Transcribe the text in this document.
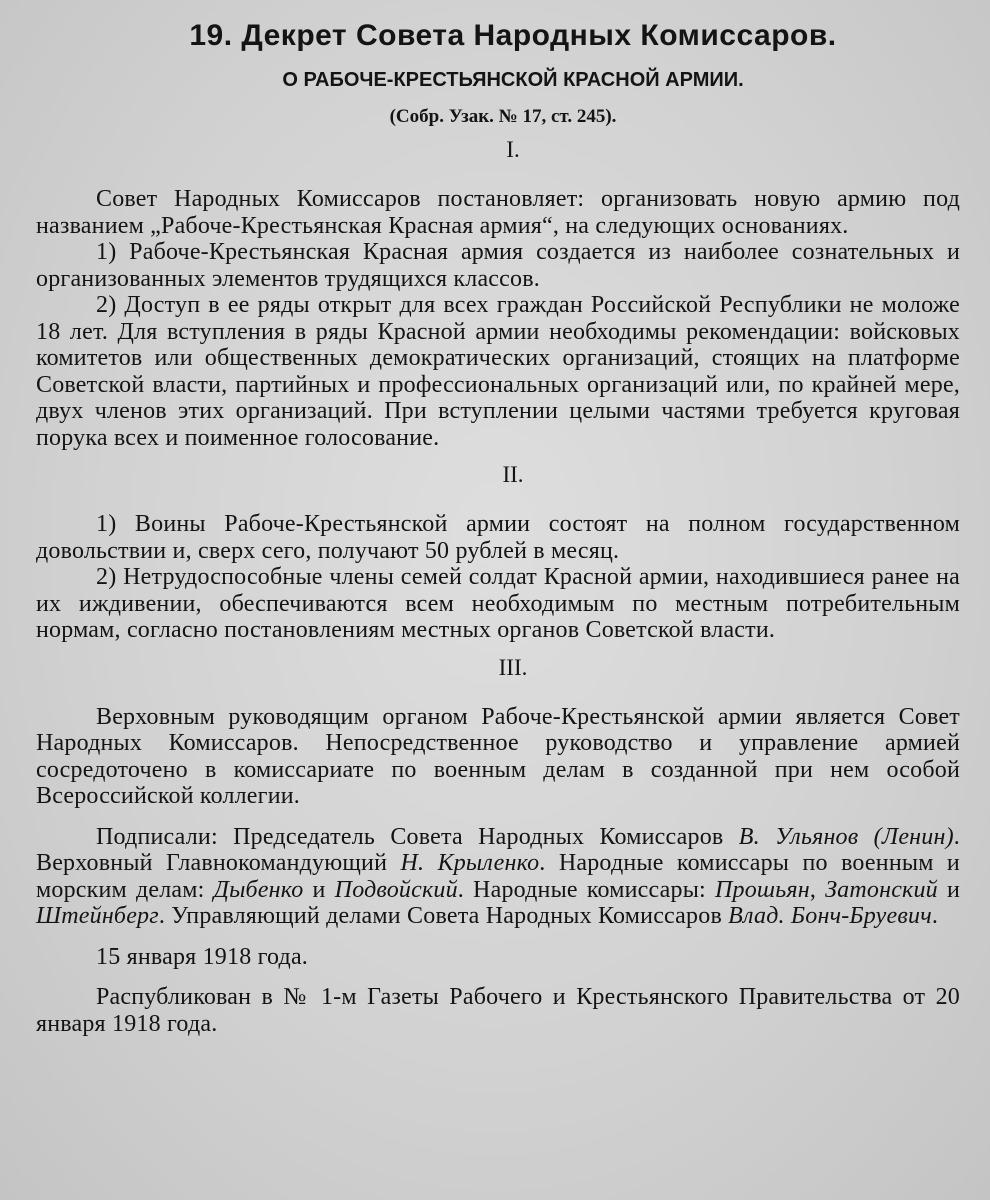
19. Декрет Совета Народных Комиссаров.
О РАБОЧЕ-КРЕСТЬЯНСКОЙ КРАСНОЙ АРМИИ.
(Собр. Узак. № 17, ст. 245).
I.

Совет Народных Комиссаров постановляет: организовать новую армию под названием „Рабоче-Крестьянская Красная армия“, на следующих основаниях.

1) Рабоче-Крестьянская Красная армия создается из наиболее сознательных и организованных элементов трудящихся классов.

2) Доступ в ее ряды открыт для всех граждан Российской Республики не моложе 18 лет. Для вступления в ряды Красной армии необходимы рекомендации: войсковых комитетов или общественных демократических организаций, стоящих на платформе Советской власти, партийных и профессиональных организаций или, по крайней мере, двух членов этих организаций. При вступлении целыми частями требуется круговая порука всех и поименное голосование.

II.

1) Воины Рабоче-Крестьянской армии состоят на полном государственном довольствии и, сверх сего, получают 50 рублей в месяц.

2) Нетрудоспособные члены семей солдат Красной армии, находившиеся ранее на их иждивении, обеспечиваются всем необходимым по местным потребительным нормам, согласно постановлениям местных органов Советской власти.

III.

Верховным руководящим органом Рабоче-Крестьянской армии является Совет Народных Комиссаров. Непосредственное руководство и управление армией сосредоточено в комиссариате по военным делам в созданной при нем особой Всероссийской коллегии.

Подписали: Председатель Совета Народных Комиссаров В. Ульянов (Ленин). Верховный Главнокомандующий Н. Крыленко. Народные комиссары по военным и морским делам: Дыбенко и Подвойский. Народные комиссары: Прошьян, Затонский и Штейнберг. Управляющий делами Совета Народных Комиссаров Влад. Бонч-Бруевич.

15 января 1918 года.

Распубликован в № 1-м Газеты Рабочего и Крестьянского Правительства от 20 января 1918 года.
